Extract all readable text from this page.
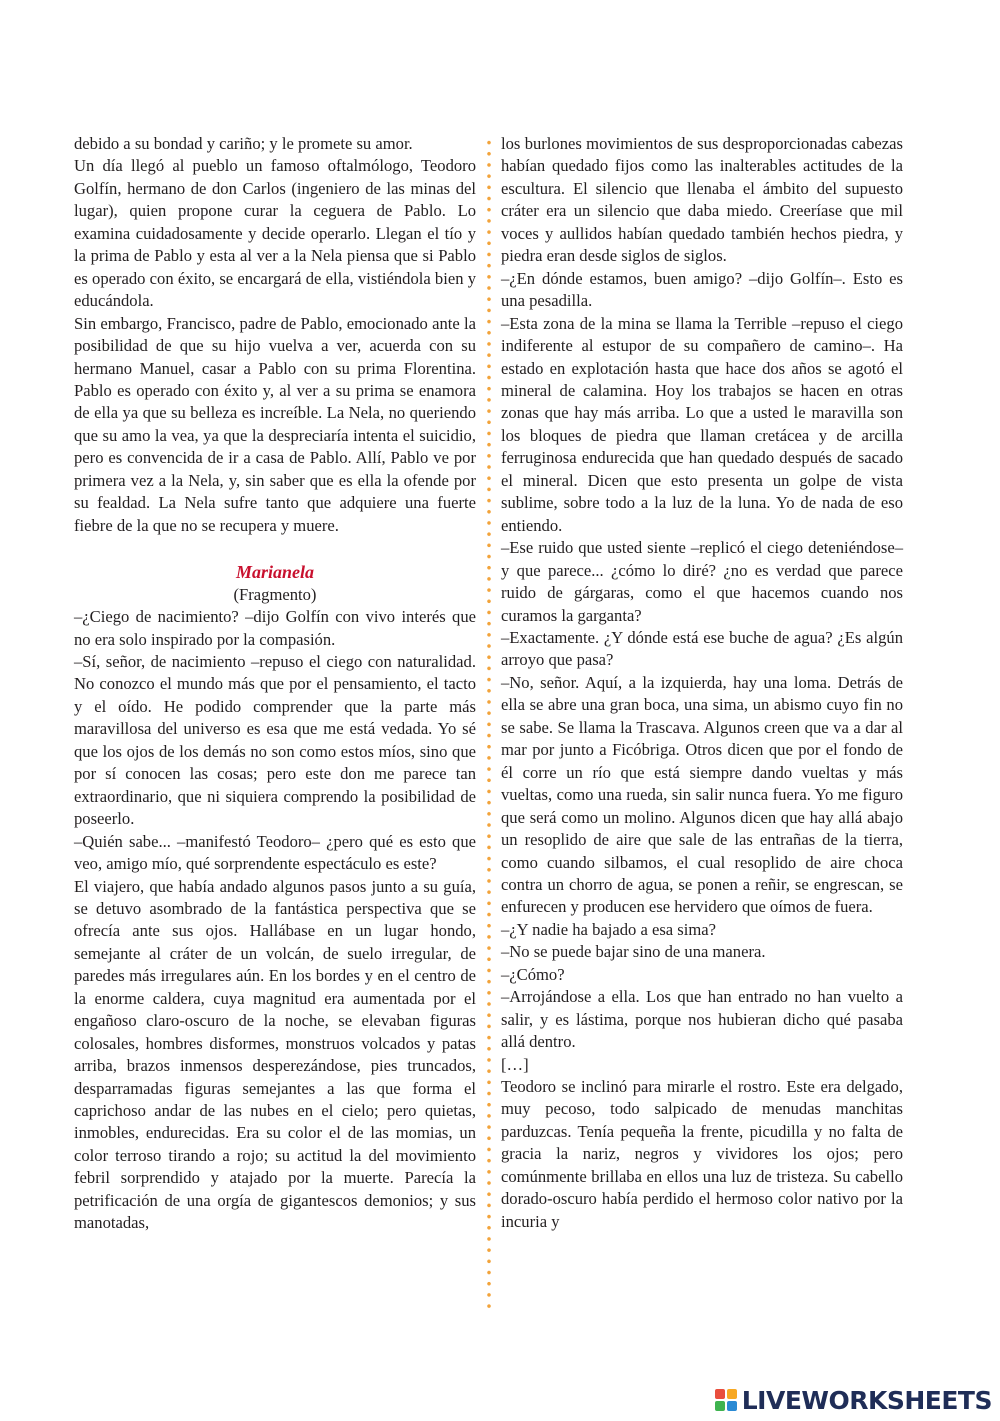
debido a su bondad y cariño; y le promete su amor.

Un día llegó al pueblo un famoso oftalmólogo, Teodoro Golfín, hermano de don Carlos (ingeniero de las minas del lugar), quien propone curar la ceguera de Pablo. Lo examina cuidadosamente y decide operarlo. Llegan el tío y la prima de Pablo y esta al ver a la Nela piensa que si Pablo es operado con éxito, se encargará de ella, vistiéndola bien y educándola.

Sin embargo, Francisco, padre de Pablo, emocionado ante la posibilidad de que su hijo vuelva a ver, acuerda con su hermano Manuel, casar a Pablo con su prima Florentina. Pablo es operado con éxito y, al ver a su prima se enamora de ella ya que su belleza es increíble. La Nela, no queriendo que su amo la vea, ya que la despreciaría intenta el suicidio, pero es convencida de ir a casa de Pablo. Allí, Pablo ve por primera vez a la Nela, y, sin saber que es ella la ofende por su fealdad. La Nela sufre tanto que adquiere una fuerte fiebre de la que no se recupera y muere.

Marianela

(Fragmento)

–¿Ciego de nacimiento? –dijo Golfín con vivo interés que no era solo inspirado por la compasión.

–Sí, señor, de nacimiento –repuso el ciego con naturalidad. No conozco el mundo más que por el pensamiento, el tacto y el oído. He podido comprender que la parte más maravillosa del universo es esa que me está vedada. Yo sé que los ojos de los demás no son como estos míos, sino que por sí conocen las cosas; pero este don me parece tan extraordinario, que ni siquiera comprendo la posibilidad de poseerlo.

–Quién sabe... –manifestó Teodoro– ¿pero qué es esto que veo, amigo mío, qué sorprendente espectáculo es este?

El viajero, que había andado algunos pasos junto a su guía, se detuvo asombrado de la fantástica perspectiva que se ofrecía ante sus ojos. Hallábase en un lugar hondo, semejante al cráter de un volcán, de suelo irregular, de paredes más irregulares aún. En los bordes y en el centro de la enorme caldera, cuya magnitud era aumentada por el engañoso claro-oscuro de la noche, se elevaban figuras colosales, hombres disformes, monstruos volcados y patas arriba, brazos inmensos desperezándose, pies truncados, desparramadas figuras semejantes a las que forma el caprichoso andar de las nubes en el cielo; pero quietas, inmobles, endurecidas. Era su color el de las momias, un color terroso tirando a rojo; su actitud la del movimiento febril sorprendido y atajado por la muerte. Parecía la petrificación de una orgía de gigantescos demonios; y sus manotadas,

los burlones movimientos de sus desproporcionadas cabezas habían quedado fijos como las inalterables actitudes de la escultura. El silencio que llenaba el ámbito del supuesto cráter era un silencio que daba miedo. Creeríase que mil voces y aullidos habían quedado también hechos piedra, y piedra eran desde siglos de siglos.

–¿En dónde estamos, buen amigo? –dijo Golfín–. Esto es una pesadilla.

–Esta zona de la mina se llama la Terrible –repuso el ciego indiferente al estupor de su compañero de camino–. Ha estado en explotación hasta que hace dos años se agotó el mineral de calamina. Hoy los trabajos se hacen en otras zonas que hay más arriba. Lo que a usted le maravilla son los bloques de piedra que llaman cretácea y de arcilla ferruginosa endurecida que han quedado después de sacado el mineral. Dicen que esto presenta un golpe de vista sublime, sobre todo a la luz de la luna. Yo de nada de eso entiendo.

–Ese ruido que usted siente –replicó el ciego deteniéndose– y que parece... ¿cómo lo diré? ¿no es verdad que parece ruido de gárgaras, como el que hacemos cuando nos curamos la garganta?

–Exactamente. ¿Y dónde está ese buche de agua? ¿Es algún arroyo que pasa?

–No, señor. Aquí, a la izquierda, hay una loma. Detrás de ella se abre una gran boca, una sima, un abismo cuyo fin no se sabe. Se llama la Trascava. Algunos creen que va a dar al mar por junto a Ficóbriga. Otros dicen que por el fondo de él corre un río que está siempre dando vueltas y más vueltas, como una rueda, sin salir nunca fuera. Yo me figuro que será como un molino. Algunos dicen que hay allá abajo un resoplido de aire que sale de las entrañas de la tierra, como cuando silbamos, el cual resoplido de aire choca contra un chorro de agua, se ponen a reñir, se engrescan, se enfurecen y producen ese hervidero que oímos de fuera.

–¿Y nadie ha bajado a esa sima?

–No se puede bajar sino de una manera.

–¿Cómo?

–Arrojándose a ella. Los que han entrado no han vuelto a salir, y es lástima, porque nos hubieran dicho qué pasaba allá dentro.

[…]

Teodoro se inclinó para mirarle el rostro. Este era delgado, muy pecoso, todo salpicado de menudas manchitas parduzcas. Tenía pequeña la frente, picudilla y no falta de gracia la nariz, negros y vividores los ojos; pero comúnmente brillaba en ellos una luz de tristeza. Su cabello dorado-oscuro había perdido el hermoso color nativo por la incuria y

LIVEWORKSHEETS
